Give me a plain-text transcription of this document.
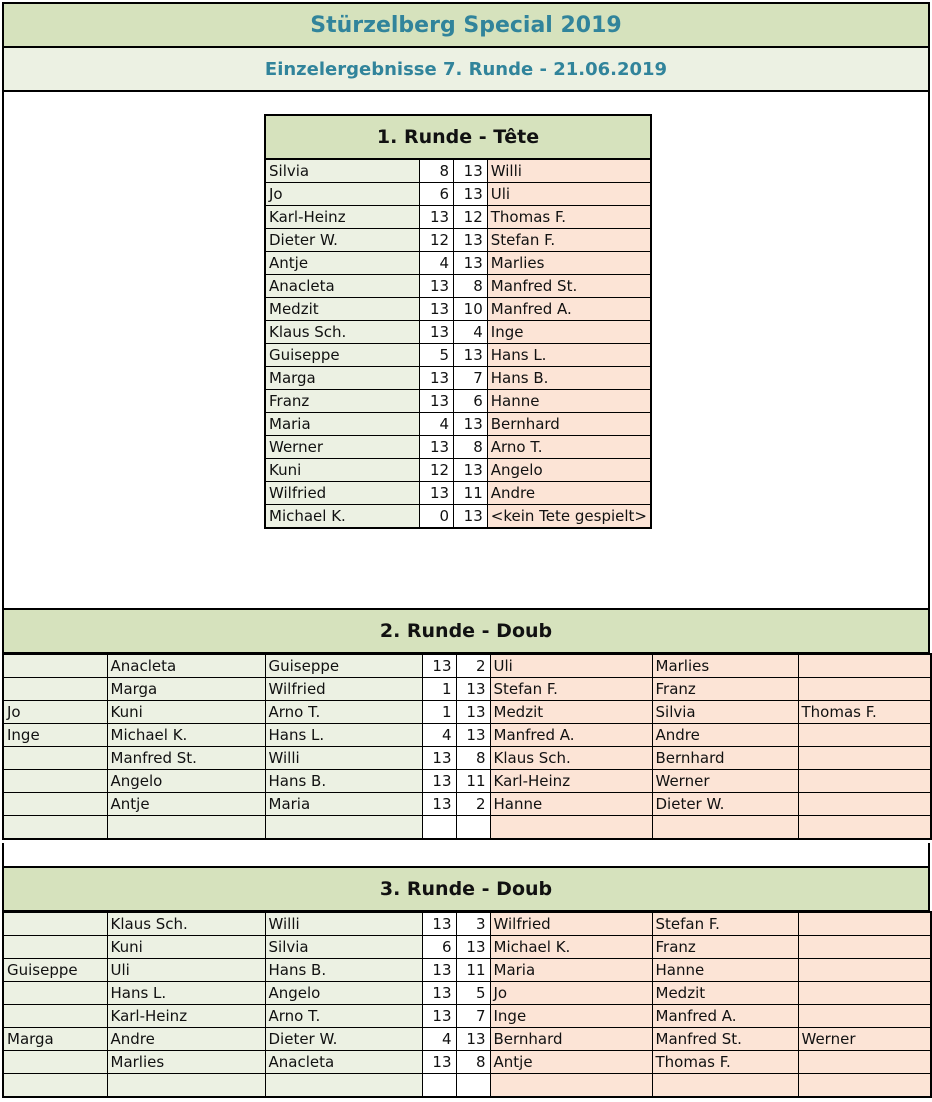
Stürzelberg Special 2019
Einzelergebnisse 7. Runde - 21.06.2019
1. Runde - Tête
Silvia	8	13	Willi
Jo	6	13	Uli
Karl-Heinz	13	12	Thomas F.
Dieter W.	12	13	Stefan F.
Antje	4	13	Marlies
Anacleta	13	8	Manfred St.
Medzit	13	10	Manfred A.
Klaus Sch.	13	4	Inge
Guiseppe	5	13	Hans L.
Marga	13	7	Hans B.
Franz	13	6	Hanne
Maria	4	13	Bernhard
Werner	13	8	Arno T.
Kuni	12	13	Angelo
Wilfried	13	11	Andre
Michael K.	0	13	<kein Tete gespielt>
2. Runde - Doub
	Anacleta	Guiseppe	13	2	Uli	Marlies	
	Marga	Wilfried	1	13	Stefan F.	Franz	
Jo	Kuni	Arno T.	1	13	Medzit	Silvia	Thomas F.
Inge	Michael K.	Hans L.	4	13	Manfred A.	Andre	
	Manfred St.	Willi	13	8	Klaus Sch.	Bernhard	
	Angelo	Hans B.	13	11	Karl-Heinz	Werner	
	Antje	Maria	13	2	Hanne	Dieter W.	

3. Runde - Doub
	Klaus Sch.	Willi	13	3	Wilfried	Stefan F.	
	Kuni	Silvia	6	13	Michael K.	Franz	
Guiseppe	Uli	Hans B.	13	11	Maria	Hanne	
	Hans L.	Angelo	13	5	Jo	Medzit	
	Karl-Heinz	Arno T.	13	7	Inge	Manfred A.	
Marga	Andre	Dieter W.	4	13	Bernhard	Manfred St.	Werner
	Marlies	Anacleta	13	8	Antje	Thomas F.	
